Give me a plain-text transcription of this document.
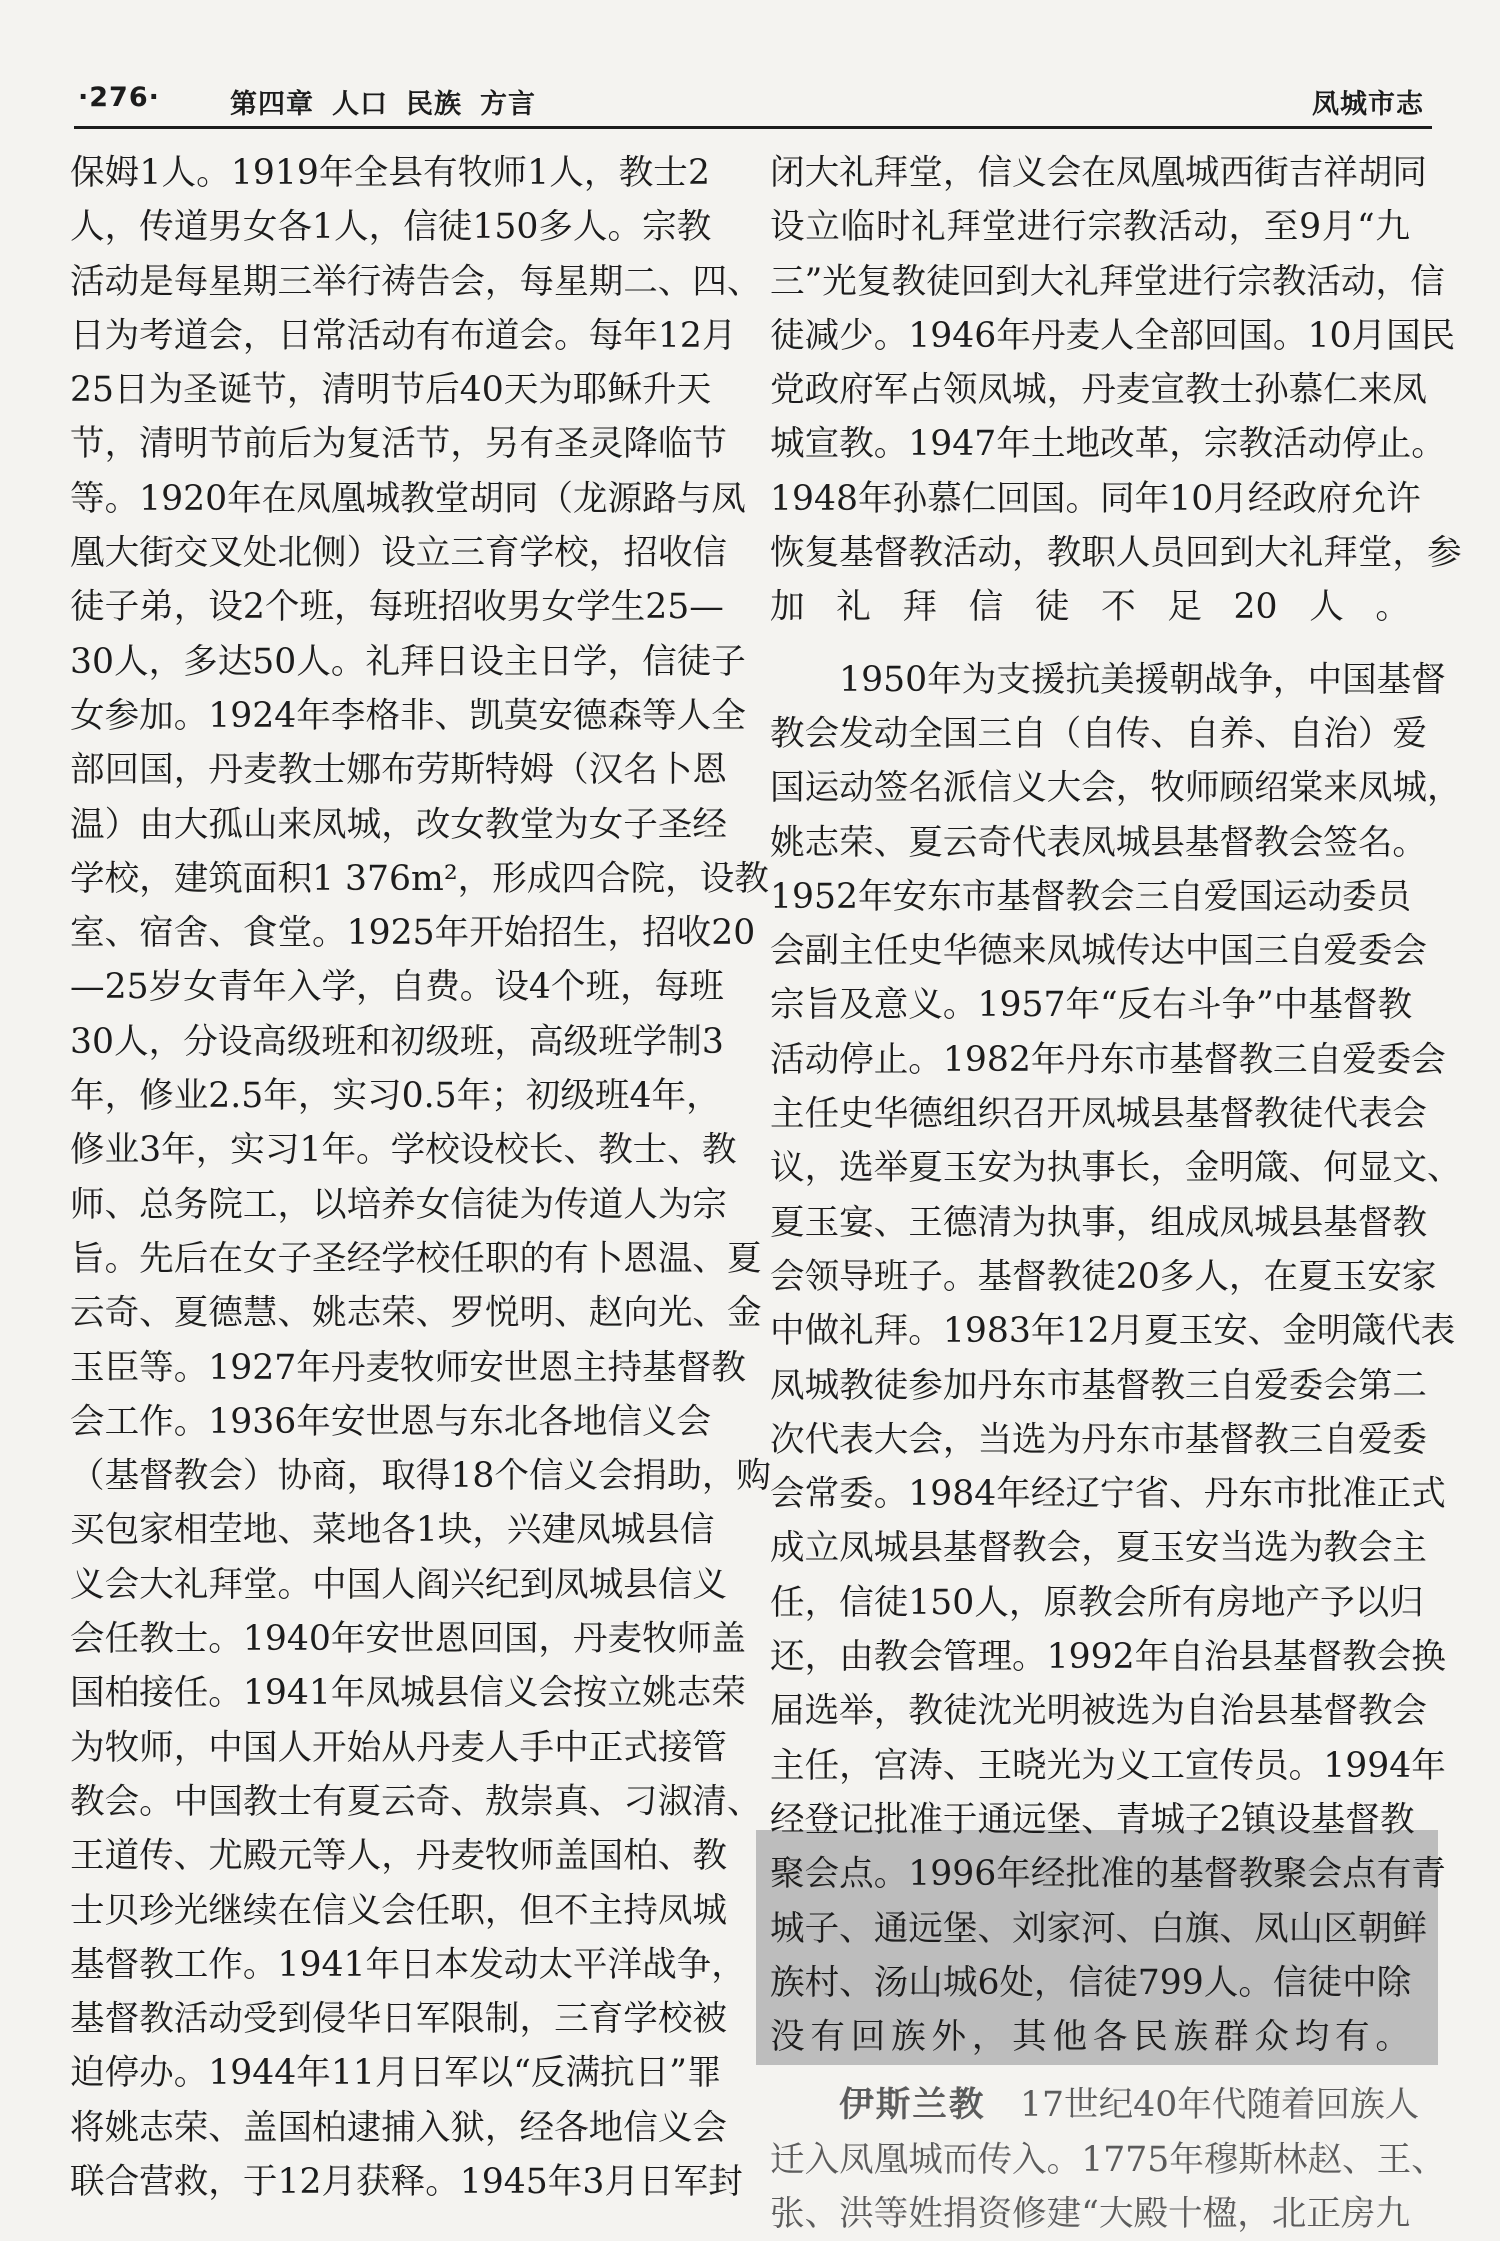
·276·	第四章 人口 民族 方言	凤城市志

保姆1人。1919年全县有牧师1人，教士2

人，传道男女各1人，信徒150多人。宗教

活动是每星期三举行祷告会，每星期二、四、

日为考道会，日常活动有布道会。每年12月

25日为圣诞节，清明节后40天为耶稣升天

节，清明节前后为复活节，另有圣灵降临节

等。1920年在凤凰城教堂胡同（龙源路与凤

凰大街交叉处北侧）设立三育学校，招收信

徒子弟，设2个班，每班招收男女学生25—

30人，多达50人。礼拜日设主日学，信徒子

女参加。1924年李格非、凯莫安德森等人全

部回国，丹麦教士娜布劳斯特姆（汉名卜恩

温）由大孤山来凤城，改女教堂为女子圣经

学校，建筑面积1 376m²，形成四合院，设教

室、宿舍、食堂。1925年开始招生，招收20

—25岁女青年入学，自费。设4个班，每班

30人，分设高级班和初级班，高级班学制3

年，修业2.5年，实习0.5年；初级班4年，

修业3年，实习1年。学校设校长、教士、教

师、总务院工，以培养女信徒为传道人为宗

旨。先后在女子圣经学校任职的有卜恩温、夏

云奇、夏德慧、姚志荣、罗悦明、赵向光、金

玉臣等。1927年丹麦牧师安世恩主持基督教

会工作。1936年安世恩与东北各地信义会

（基督教会）协商，取得18个信义会捐助，购

买包家相茔地、菜地各1块，兴建凤城县信

义会大礼拜堂。中国人阎兴纪到凤城县信义

会任教士。1940年安世恩回国，丹麦牧师盖

国柏接任。1941年凤城县信义会按立姚志荣

为牧师，中国人开始从丹麦人手中正式接管

教会。中国教士有夏云奇、敖崇真、刁淑清、

王道传、尤殿元等人，丹麦牧师盖国柏、教

士贝珍光继续在信义会任职，但不主持凤城

基督教工作。1941年日本发动太平洋战争，

基督教活动受到侵华日军限制，三育学校被

迫停办。1944年11月日军以“反满抗日”罪

将姚志荣、盖国柏逮捕入狱，经各地信义会

联合营救，于12月获释。1945年3月日军封

闭大礼拜堂，信义会在凤凰城西街吉祥胡同

设立临时礼拜堂进行宗教活动，至9月“九

三”光复教徒回到大礼拜堂进行宗教活动，信

徒减少。1946年丹麦人全部回国。10月国民

党政府军占领凤城，丹麦宣教士孙慕仁来凤

城宣教。1947年土地改革，宗教活动停止。

1948年孙慕仁回国。同年10月经政府允许

恢复基督教活动，教职人员回到大礼拜堂，参

加礼拜信徒不足20人。

　　1950年为支援抗美援朝战争，中国基督

教会发动全国三自（自传、自养、自治）爱

国运动签名派信义大会，牧师顾绍棠来凤城，

姚志荣、夏云奇代表凤城县基督教会签名。

1952年安东市基督教会三自爱国运动委员

会副主任史华德来凤城传达中国三自爱委会

宗旨及意义。1957年“反右斗争”中基督教

活动停止。1982年丹东市基督教三自爱委会

主任史华德组织召开凤城县基督教徒代表会

议，选举夏玉安为执事长，金明箴、何显文、

夏玉宴、王德清为执事，组成凤城县基督教

会领导班子。基督教徒20多人，在夏玉安家

中做礼拜。1983年12月夏玉安、金明箴代表

凤城教徒参加丹东市基督教三自爱委会第二

次代表大会，当选为丹东市基督教三自爱委

会常委。1984年经辽宁省、丹东市批准正式

成立凤城县基督教会，夏玉安当选为教会主

任，信徒150人，原教会所有房地产予以归

还，由教会管理。1992年自治县基督教会换

届选举，教徒沈光明被选为自治县基督教会

主任，宫涛、王晓光为义工宣传员。1994年

经登记批准于通远堡、青城子2镇设基督教

聚会点。1996年经批准的基督教聚会点有青

城子、通远堡、刘家河、白旗、凤山区朝鲜

族村、汤山城6处，信徒799人。信徒中除

没有回族外，其他各民族群众均有。

　　伊斯兰教　 17世纪40年代随着回族人

迁入凤凰城而传入。1775年穆斯林赵、王、

张、洪等姓捐资修建“大殿十楹，北正房九
